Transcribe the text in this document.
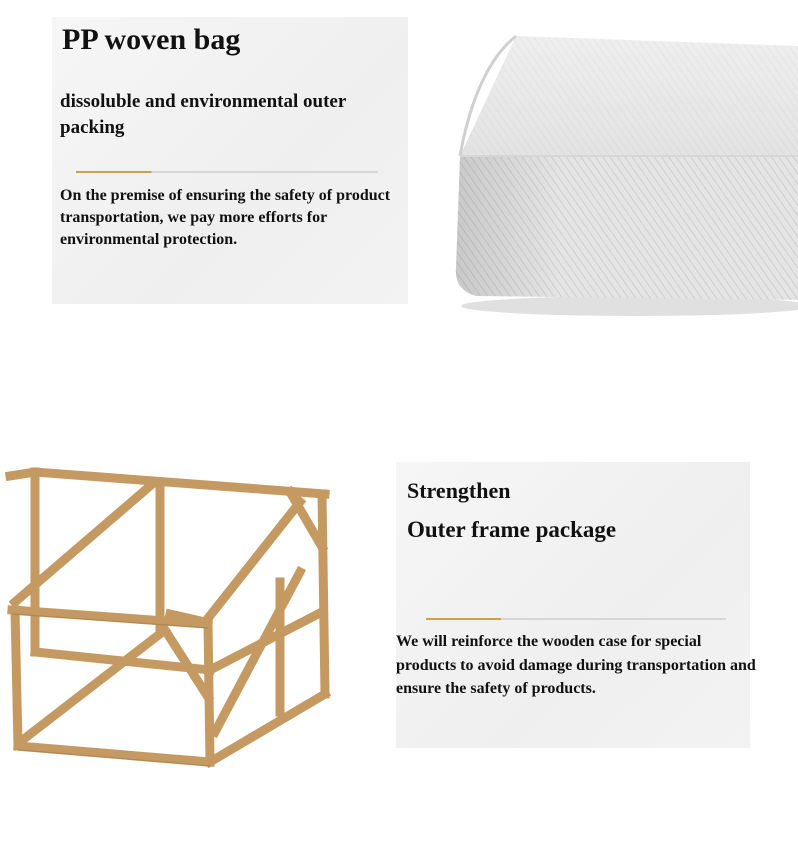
PP woven bag

dissoluble and environmental outer packing

On the premise of ensuring the safety of product transportation, we pay more efforts for environmental protection.

Strengthen
Outer frame package

We will reinforce the wooden case for special products to avoid damage during transportation and ensure the safety of products.
